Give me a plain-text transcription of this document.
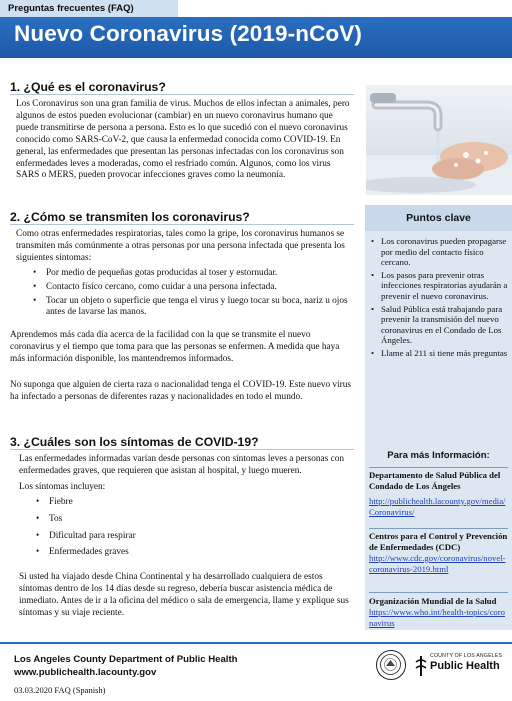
Preguntas frecuentes (FAQ)
Nuevo Coronavirus (2019-nCoV)
1. ¿Qué es el coronavirus?
Los Coronavirus son una gran familia de virus. Muchos de ellos infectan a animales, pero algunos de estos pueden evolucionar (cambiar) en un nuevo coronavirus humano que puede transmitirse de persona a persona. Esto es lo que sucedió con el nuevo coronavirus conocido como SARS-CoV-2, que causa la enfermedad conocida como COVID-19. En general, las enfermedades que presentan las personas infectadas con los coronavirus son enfermedades leves a moderadas, como el resfriado común. Algunos, como los virus SARS o MERS, pueden provocar infecciones graves como la neumonía.
2. ¿Cómo se transmiten los coronavirus?

Como otras enfermedades respiratorias, tales como la gripe, los coronavirus humanos se transmiten más comúnmente a otras personas por una persona infectada que presenta los siguientes síntomas:

• Por medio de pequeñas gotas producidas al toser y estornudar.
• Contacto físico cercano, como cuidar a una persona infectada.
• Tocar un objeto o superficie que tenga el virus y luego tocar su boca, nariz u ojos antes de lavarse las manos.
Aprendemos más cada día acerca de la facilidad con la que se transmite el nuevo coronavirus y el tiempo que toma para que las personas se enfermen. A medida que haya más información disponible, los mantendremos informados.
No suponga que alguien de cierta raza o nacionalidad tenga el COVID-19. Este nuevo virus ha infectado a personas de diferentes razas y nacionalidades en todo el mundo.
3. ¿Cuáles son los síntomas de COVID-19?

Las enfermedades informadas varían desde personas con síntomas leves a personas con enfermedades graves, que requieren que asistan al hospital, y luego mueren.

Los síntomas incluyen:

• Fiebre
• Tos
• Dificultad para respirar
• Enfermedades graves
Si usted ha viajado desde China Continental y ha desarrollado cualquiera de estos síntomas dentro de los 14 días desde su regreso, debería buscar asistencia médica de inmediato. Antes de ir a la oficina del médico o sala de emergencia, llame y explique sus síntomas y su viaje reciente.
Puntos clave
• Los coronavirus pueden propagarse por medio del contacto físico cercano.
• Los pasos para prevenir otras infecciones respiratorias ayudarán a prevenir el nuevo coronavirus.
• Salud Pública está trabajando para prevenir la transmisión del nuevo coronavirus en el Condado de Los Ángeles.
• Llame al 211 si tiene más preguntas
Para más Información:
Departamento de Salud Pública del Condado de Los Ángeles
http://publichealth.lacounty.gov/media/Coronavirus/
Centros para el Control y Prevención de Enfermedades (CDC)
http://www.cdc.gov/coronavirus/novel-coronavirus-2019.html
Organización Mundial de la Salud
https://www.who.int/health-topics/coronavirus
Los Angeles County Department of Public Health
www.publichealth.lacounty.gov
03.03.2020 FAQ (Spanish)
COUNTY OF LOS ANGELES
Public Health
